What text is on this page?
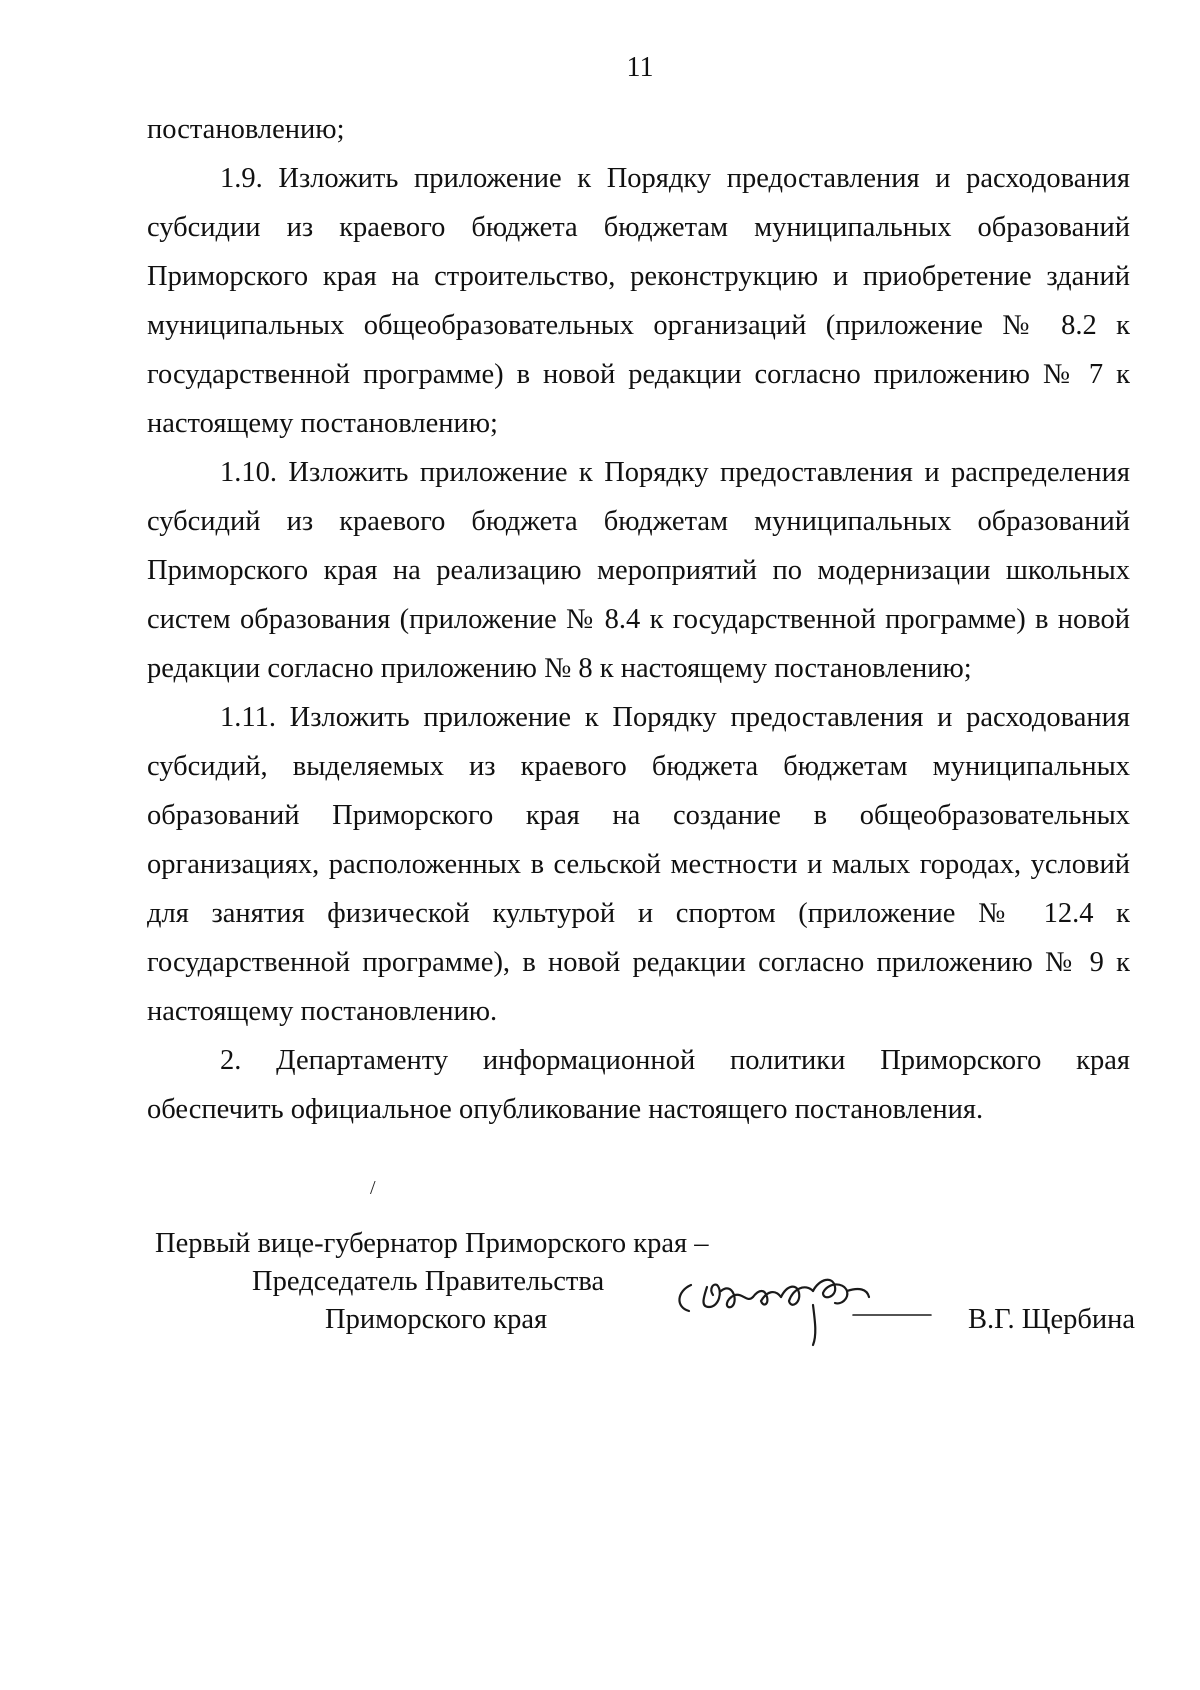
11

постановлению;

1.9. Изложить приложение к Порядку предоставления и расходования субсидии из краевого бюджета бюджетам муниципальных образований Приморского края на строительство, реконструкцию и приобретение зданий муниципальных общеобразовательных организаций (приложение № 8.2 к государственной программе) в новой редакции согласно приложению № 7 к настоящему постановлению;

1.10. Изложить приложение к Порядку предоставления и распределения субсидий из краевого бюджета бюджетам муниципальных образований Приморского края на реализацию мероприятий по модернизации школьных систем образования (приложение № 8.4 к государственной программе) в новой редакции согласно приложению № 8 к настоящему постановлению;

1.11. Изложить приложение к Порядку предоставления и расходования субсидий, выделяемых из краевого бюджета бюджетам муниципальных образований Приморского края на создание в общеобразовательных организациях, расположенных в сельской местности и малых городах, условий для занятия физической культурой и спортом (приложение № 12.4 к государственной программе), в новой редакции согласно приложению № 9 к настоящему постановлению.

2. Департаменту информационной политики Приморского края обеспечить официальное опубликование настоящего постановления.

/
Первый вице-губернатор Приморского края –
Председатель Правительства
Приморского края	В.Г. Щербина
